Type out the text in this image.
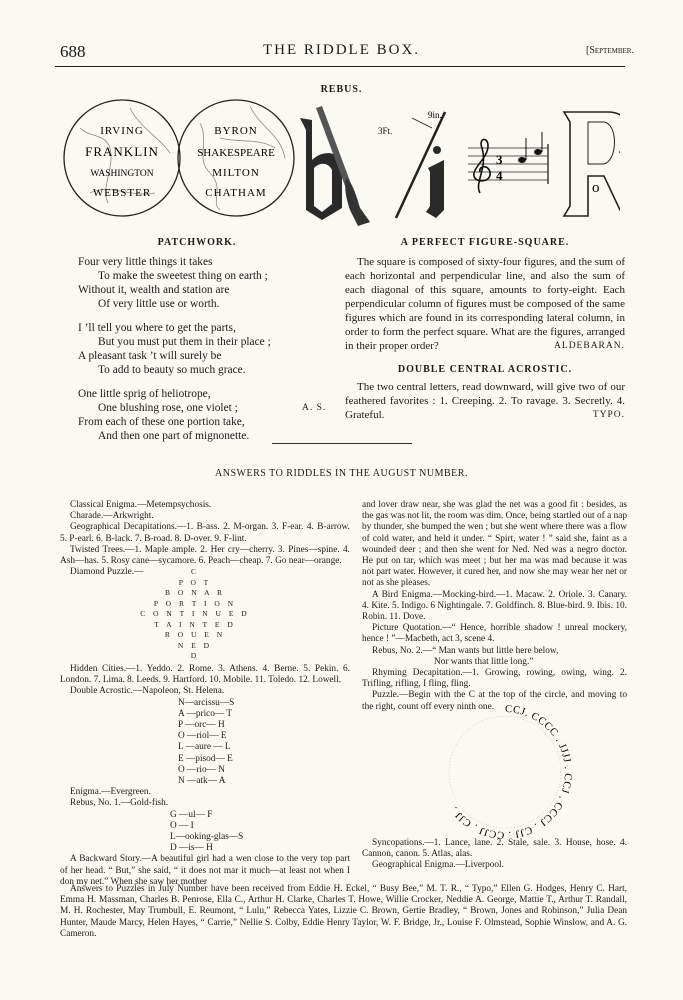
688	THE RIDDLE BOX.	[September.
REBUS.
IRVING
FRANKLIN
WASHINGTON
WEBSTER
BYRON
SHAKESPEARE
MILTON
CHATHAM
9in.
3Ft.
3
4
o
PATCHWORK.
Four very little things it takes
To make the sweetest thing on earth ;
Without it, wealth and station are
Of very little use or worth.
I ’ll tell you where to get the parts,
But you must put them in their place ;
A pleasant task ’t will surely be
To add to beauty so much grace.
One little sprig of heliotrope,
One blushing rose, one violet ;
From each of these one portion take,
And then one part of mignonette.
A. S.
A PERFECT FIGURE-SQUARE.
The square is composed of sixty-four figures, and the sum of each horizontal and perpendicular line, and also the sum of each diagonal of this square, amounts to forty-eight. Each perpendicular column of figures must be composed of the same figures which are found in its corresponding lateral column, in order to form the perfect square. What are the figures, arranged in their proper order?	ALDEBARAN.
DOUBLE CENTRAL ACROSTIC.
The two central letters, read downward, will give two of our feathered favorites : 1. Creeping. 2. To ravage. 3. Secretly. 4. Grateful.	TYPO.
ANSWERS TO RIDDLES IN THE AUGUST NUMBER.

Classical Enigma.—Metempsychosis.

Charade.—Arkwright.

Geographical Decapitations.—1. B-ass. 2. M-organ. 3. F-ear. 4. B-arrow. 5. P-earl. 6. B-lack. 7. B-road. 8. D-over. 9. F-lint.

Twisted Trees.—1. Maple ample. 2. Her cry—cherry. 3. Pines—spine. 4. Ash—has. 5. Rosy cane—sycamore. 6. Peach—cheap. 7. Go near—orange.

Diamond Puzzle.—	C
P O T
B O N A R
P O R T I O N
C O N T I N U E D
T A I N T E D
R O U E N
N E D
D

Hidden Cities.—1. Yeddo. 2. Rome. 3. Athens. 4. Berne. 5. Pekin. 6. London. 7. Lima. 8. Leeds. 9. Hartford. 10. Mobile. 11. Toledo. 12. Lowell.

Double Acrostic.—Napoleon, St. Helena.

N—arcissu—S
A —prico— T
P —orc— H
O —riol— E
L —aure — L
E —pisod— E
O —rio— N
N —atk— A

Enigma.—Evergreen.

Rebus, No. 1.—Gold-fish.

G —ul— F
O — I
L—ooking-glas—S
D —is— H

A Backward Story.—A beautiful girl had a wen close to the very top part of her head. “ But,” she said, “ it does not mar it much—at least not when I don my net.” When she saw her mother

and lover draw near, she was glad the net was a good fit : besides, as the gas was not lit, the room was dim. Once, being startled out of a nap by thunder, she bumped the wen ; but she went where there was a flow of cold water, and held it under. “ Spirt, water ! ” said she, faint as a wounded deer ; and then she went for Ned. Ned was a negro doctor. He put on tar, which was meet ; but her ma was mad because it was not part water. However, it cured her, and now she may wear her net or not as she pleases.

A Bird Enigma.—Mocking-bird.—1. Macaw. 2. Oriole. 3. Canary. 4. Kite. 5. Indigo. 6 Nightingale. 7. Goldfinch. 8. Blue-bird. 9. Ibis. 10. Robin. 11. Dove.

Picture Quotation.—“ Hence, horrible shadow ! unreal mockery, hence ! ”—Macbeth, act 3, scene 4.

Rebus, No. 2.—“ Man wants but little here below,

Nor wants that little long.”

Rhyming Decapitation.—1. Growing, rowing, owing, wing. 2. Trifling, rifling, I fling, fling.

Puzzle.—Begin with the C at the top of the circle, and moving to the right, count off every ninth one.	CCJ. CCCC . JJJJ . CCJ . CCCJ . CJJ . CCJJ . CJJ .

Syncopations.—1. Lance, lane. 2. Stale, sale. 3. House, hose. 4. Cannon, canon. 5. Atlas, alas.

Geographical Enigma.—Liverpool.

Answers to Puzzles in July Number have been received from Eddie H. Eckel, “ Busy Bee,” M. T. R., “ Typo,” Ellen G. Hodges, Henry C. Hart, Emma H. Massman, Charles B. Penrose, Ella C., Arthur H. Clarke, Charles T. Howe, Willie Crocker, Neddie A. George, Mattie T., Arthur T. Randall, M. H. Rochester, May Trumbull, E. Reumont, “ Lulu,” Rebecca Yates, Lizzie C. Brown, Gertie Bradley, “ Brown, Jones and Robinson,” Julia Dean Hunter, Maude Marcy, Helen Hayes, “ Carrie,” Nellie S. Colby, Eddie Henry Taylor, W. F. Bridge, Jr., Louise F. Olmstead, Sophie Winslow, and A. G. Cameron.
